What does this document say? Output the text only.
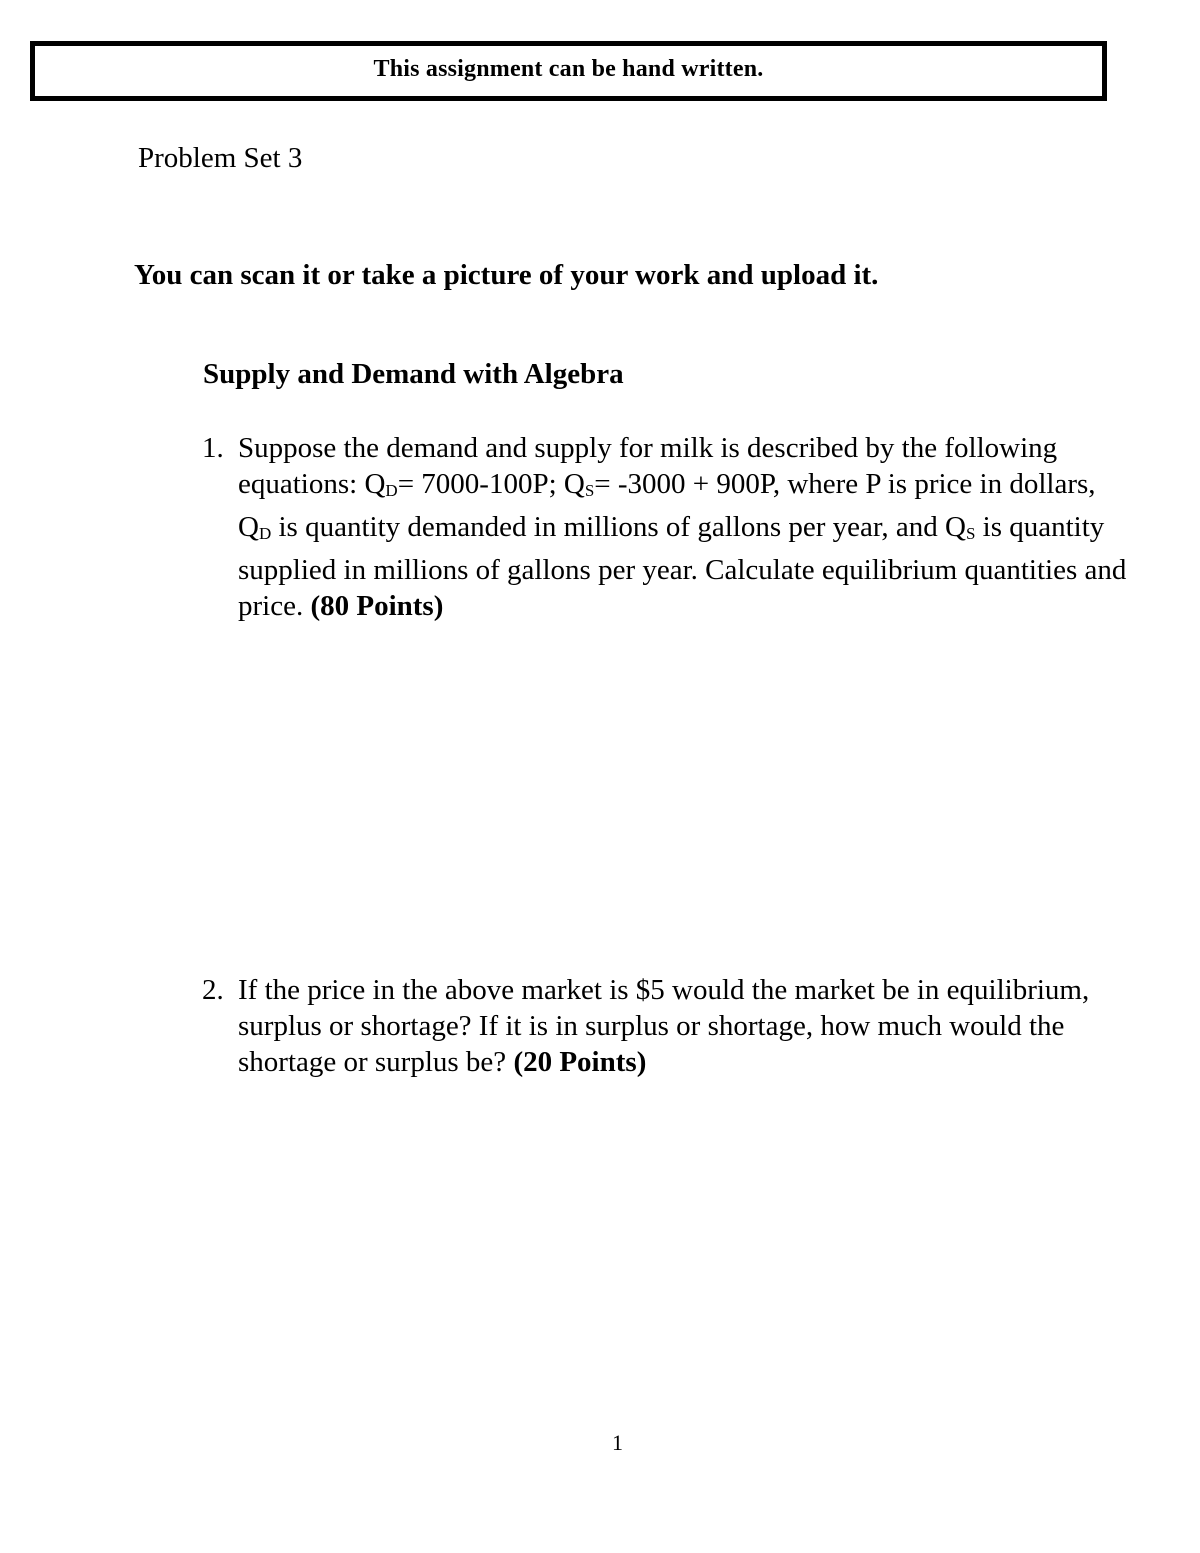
This assignment can be hand written.
Problem Set 3
You can scan it or take a picture of your work and upload it.
Supply and Demand with Algebra
1. Suppose the demand and supply for milk is described by the following equations: QD= 7000-100P; QS= -3000 + 900P, where P is price in dollars, QD is quantity demanded in millions of gallons per year, and QS is quantity supplied in millions of gallons per year. Calculate equilibrium quantities and price. (80 Points)
2. If the price in the above market is $5 would the market be in equilibrium, surplus or shortage? If it is in surplus or shortage, how much would the shortage or surplus be? (20 Points)
1
